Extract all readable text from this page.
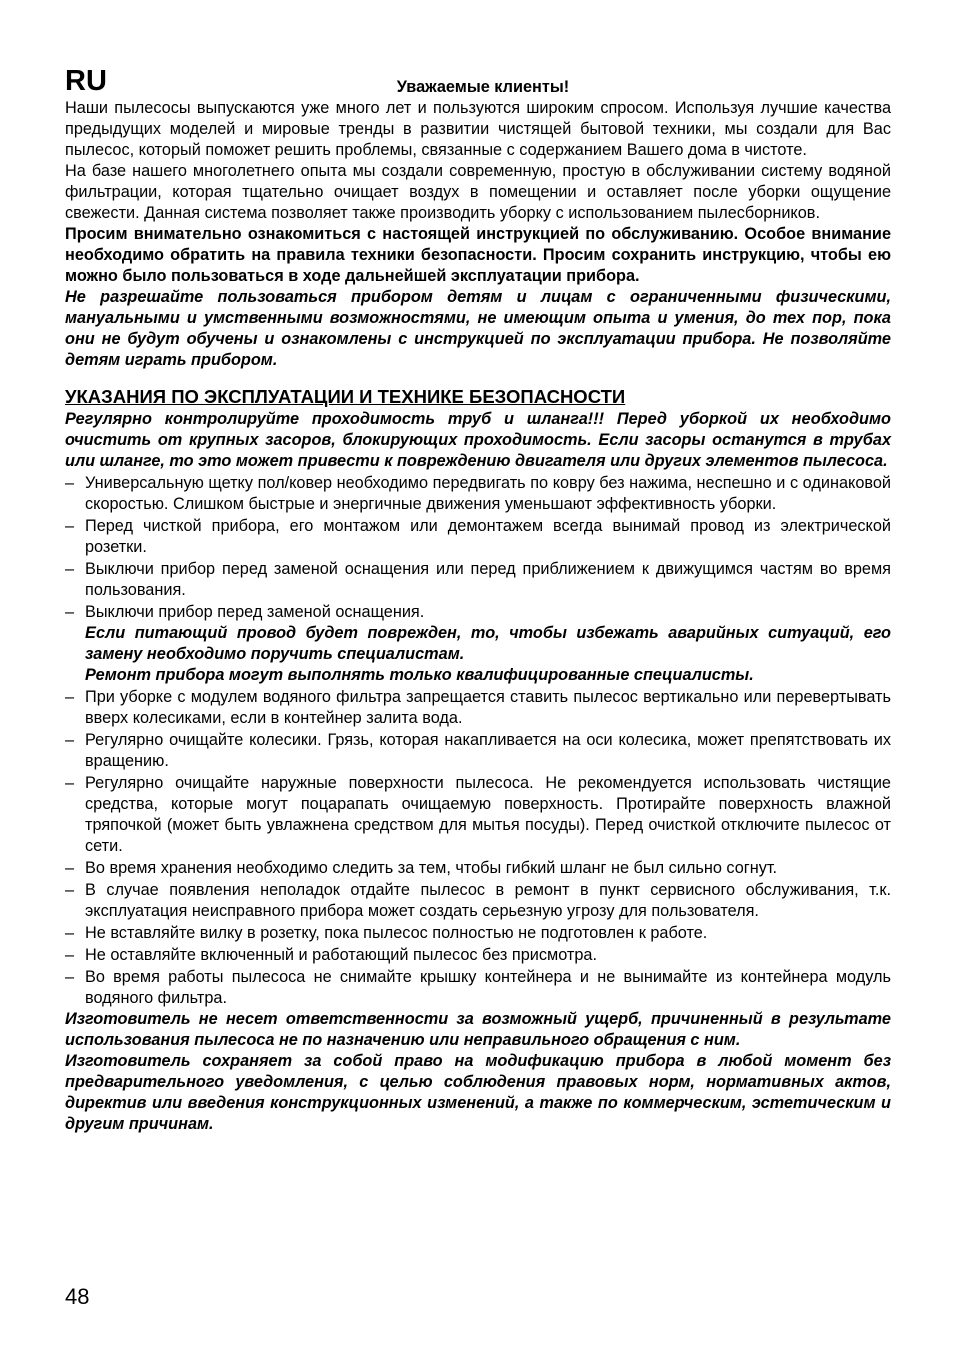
RU	Уважаемые клиенты!

Наши пылесосы выпускаются уже много лет и пользуются широким спросом. Используя лучшие качества предыдущих моделей и мировые тренды в развитии чистящей бытовой техники, мы создали для Вас пылесос, который поможет решить проблемы, связанные с содержанием Вашего дома в чистоте.

На базе нашего многолетнего опыта мы создали современную, простую в обслуживании систему водяной фильтрации, которая тщательно очищает воздух в помещении и оставляет после уборки ощущение свежести. Данная система позволяет также производить уборку с использованием пылесборников.

Просим внимательно ознакомиться с настоящей инструкцией по обслуживанию. Особое внимание необходимо обратить на правила техники безопасности. Просим сохранить инструкцию, чтобы ею можно было пользоваться в ходе дальнейшей эксплуатации прибора.

Не разрешайте пользоваться прибором детям и лицам с ограниченными физическими, мануальными и умственными возможностями, не имеющим опыта и умения, до тех пор, пока они не будут обучены и ознакомлены с инструкцией по эксплуатации прибора. Не позволяйте детям играть прибором.

УКАЗАНИЯ ПО ЭКСПЛУАТАЦИИ И ТЕХНИКЕ БЕЗОПАСНОСТИ

Регулярно контролируйте проходимость труб и шланга!!! Перед уборкой их необходимо очистить от крупных засоров, блокирующих проходимость. Если засоры останутся в трубах или шланге, то это может привести к повреждению двигателя или других элементов пылесоса.

– Универсальную щетку пол/ковер необходимо передвигать по ковру без нажима, неспешно и с одинаковой скоростью. Слишком быстрые и энергичные движения уменьшают эффективность уборки.
– Перед чисткой прибора, его монтажом или демонтажем всегда вынимай провод из электрической розетки.
– Выключи прибор перед заменой оснащения или перед приближением к движущимся частям во время пользования.
– Выключи прибор перед заменой оснащения.

Если питающий провод будет поврежден, то, чтобы избежать аварийных ситуаций, его замену необходимо поручить специалистам.

Ремонт прибора могут выполнять только квалифицированные специалисты.

– При уборке с модулем водяного фильтра запрещается ставить пылесос вертикально или перевертывать вверх колесиками, если в контейнер залита вода.
– Регулярно очищайте колесики. Грязь, которая накапливается на оси колесика, может препятствовать их вращению.
– Регулярно очищайте наружные поверхности пылесоса. Не рекомендуется использовать чистящие средства, которые могут поцарапать очищаемую поверхность. Протирайте поверхность влажной тряпочкой (может быть увлажнена средством для мытья посуды). Перед очисткой отключите пылесос от сети.
– Во время хранения необходимо следить за тем, чтобы гибкий шланг не был сильно согнут.
– В случае появления неполадок отдайте пылесос в ремонт в пункт сервисного обслуживания, т.к. эксплуатация неисправного прибора может создать серьезную угрозу для пользователя.
– Не вставляйте вилку в розетку, пока пылесос полностью не подготовлен к работе.
– Не оставляйте включенный и работающий пылесос без присмотра.
– Во время работы пылесоса не снимайте крышку контейнера и не вынимайте из контейнера модуль водяного фильтра.

Изготовитель не несет ответственности за возможный ущерб, причиненный в результате использования пылесоса не по назначению или неправильного обращения с ним.

Изготовитель сохраняет за собой право на модификацию прибора в любой момент без предварительного уведомления, с целью соблюдения правовых норм, нормативных актов, директив или введения конструкционных изменений, а также по коммерческим, эстетическим и другим причинам.

48
